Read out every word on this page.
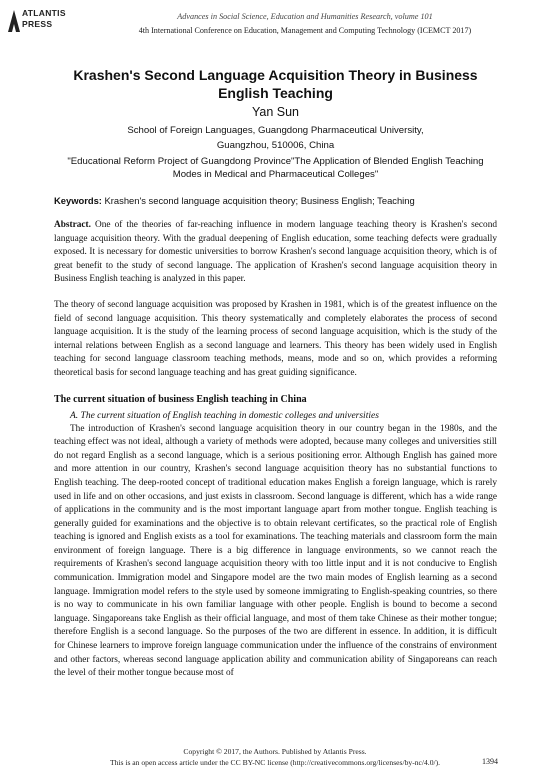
ATLANTIS
PRESS
Advances in Social Science, Education and Humanities Research, volume 101
4th International Conference on Education, Management and Computing Technology (ICEMCT 2017)
Krashen's Second Language Acquisition Theory in Business English Teaching
Yan Sun
School of Foreign Languages, Guangdong Pharmaceutical University,
Guangzhou, 510006, China
"Educational Reform Project of Guangdong Province"The Application of Blended English Teaching Modes in Medical and Pharmaceutical Colleges"
Keywords: Krashen's second language acquisition theory; Business English; Teaching

Abstract. One of the theories of far-reaching influence in modern language teaching theory is Krashen's second language acquisition theory. With the gradual deepening of English education, some teaching defects were gradually exposed. It is necessary for domestic universities to borrow Krashen's second language acquisition theory, which is of great benefit to the study of second language. The application of Krashen's second language acquisition theory in Business English teaching is analyzed in this paper.

The theory of second language acquisition was proposed by Krashen in 1981, which is of the greatest influence on the field of second language acquisition. This theory systematically and completely elaborates the process of second language acquisition. It is the study of the learning process of second language acquisition, which is the study of the internal relations between English as a second language and learners. This theory has been widely used in English teaching for second language classroom teaching methods, means, mode and so on, which provides a reforming theoretical basis for second language teaching and has great guiding significance.

The current situation of business English teaching in China
A. The current situation of English teaching in domestic colleges and universities

The introduction of Krashen's second language acquisition theory in our country began in the 1980s, and the teaching effect was not ideal, although a variety of methods were adopted, because many colleges and universities still do not regard English as a second language, which is a serious positioning error. Although English has gained more and more attention in our country, Krashen's second language acquisition theory has no substantial functions to English teaching. The deep-rooted concept of traditional education makes English a foreign language, which is rarely used in life and on other occasions, and just exists in classroom. Second language is different, which has a wide range of applications in the community and is the most important language apart from mother tongue. English teaching is generally guided for examinations and the objective is to obtain relevant certificates, so the practical role of English teaching is ignored and English exists as a tool for examinations. The teaching materials and classroom form the main environment of foreign language. There is a big difference in language environments, so we cannot reach the requirements of Krashen's second language acquisition theory with too little input and it is not conducive to English communication. Immigration model and Singapore model are the two main modes of English learning as a second language. Immigration model refers to the style used by someone immigrating to English-speaking countries, so there is no way to communicate in his own familiar language with other people. English is bound to become a second language. Singaporeans take English as their official language, and most of them take Chinese as their mother tongue; therefore English is a second language. So the purposes of the two are different in essence. In addition, it is difficult for Chinese learners to improve foreign language communication under the influence of the constrains of environment and other factors, whereas second language application ability and communication ability of Singaporeans can reach the level of their mother tongue because most of

Copyright © 2017, the Authors. Published by Atlantis Press.
This is an open access article under the CC BY-NC license (http://creativecommons.org/licenses/by-nc/4.0/).	1394
